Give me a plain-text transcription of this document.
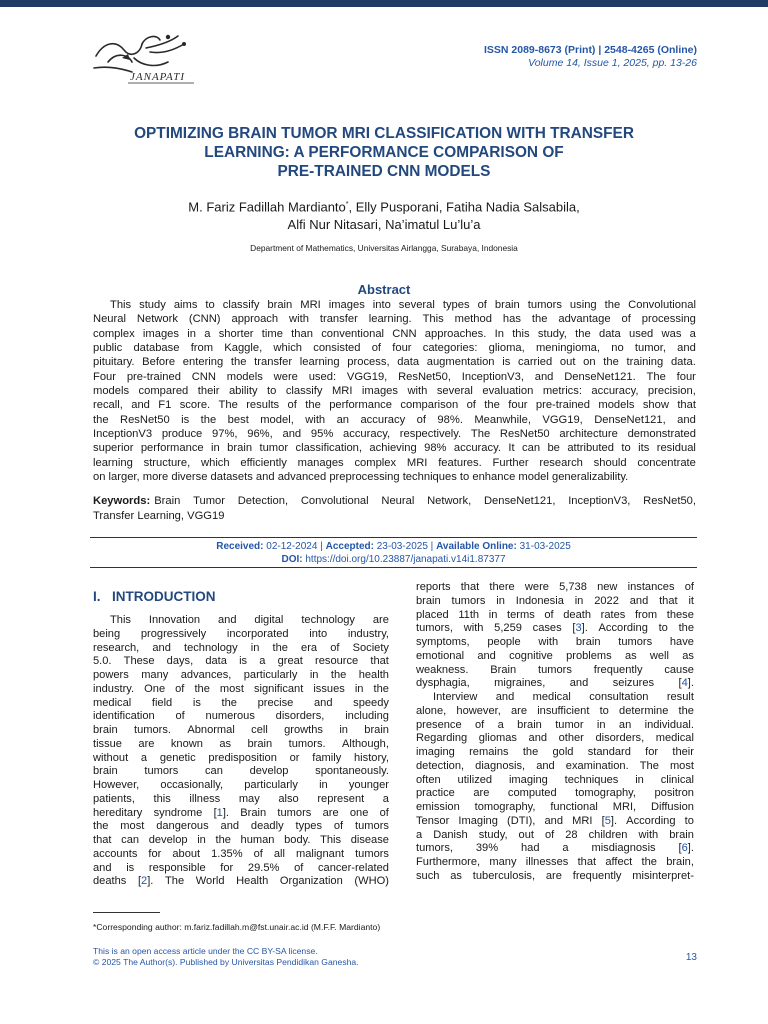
JANAPATI
ISSN 2089-8673 (Print) | 2548-4265 (Online)
Volume 14, Issue 1, 2025, pp. 13-26
OPTIMIZING BRAIN TUMOR MRI CLASSIFICATION WITH TRANSFER
LEARNING: A PERFORMANCE COMPARISON OF
PRE-TRAINED CNN MODELS
M. Fariz Fadillah Mardianto*, Elly Pusporani, Fatiha Nadia Salsabila,
Alfi Nur Nitasari, Na’imatul Lu’lu’a
Department of Mathematics, Universitas Airlangga, Surabaya, Indonesia
Abstract
This study aims to classify brain MRI images into several types of brain tumors using the Convolutional
Neural Network (CNN) approach with transfer learning. This method has the advantage of processing
complex images in a shorter time than conventional CNN approaches. In this study, the data used was a
public database from Kaggle, which consisted of four categories: glioma, meningioma, no tumor, and
pituitary. Before entering the transfer learning process, data augmentation is carried out on the training data.
Four pre-trained CNN models were used: VGG19, ResNet50, InceptionV3, and DenseNet121. The four
models compared their ability to classify MRI images with several evaluation metrics: accuracy, precision,
recall, and F1 score. The results of the performance comparison of the four pre-trained models show that
the ResNet50 is the best model, with an accuracy of 98%. Meanwhile, VGG19, DenseNet121, and
InceptionV3 produce 97%, 96%, and 95% accuracy, respectively. The ResNet50 architecture demonstrated
superior performance in brain tumor classification, achieving 98% accuracy. It can be attributed to its residual
learning structure, which efficiently manages complex MRI features. Further research should concentrate
on larger, more diverse datasets and advanced preprocessing techniques to enhance model generalizability.
Keywords: Brain Tumor Detection, Convolutional Neural Network, DenseNet121, InceptionV3, ResNet50,
Transfer Learning, VGG19
Received: 02-12-2024 | Accepted: 23-03-2025 | Available Online: 31-03-2025
DOI: https://doi.org/10.23887/janapati.v14i1.87377
I. INTRODUCTION
This Innovation and digital technology are
being progressively incorporated into industry,
research, and technology in the era of Society
5.0. These days, data is a great resource that
powers many advances, particularly in the health
industry. One of the most significant issues in the
medical field is the precise and speedy
identification of numerous disorders, including
brain tumors. Abnormal cell growths in brain
tissue are known as brain tumors. Although,
without a genetic predisposition or family history,
brain tumors can develop spontaneously.
However, occasionally, particularly in younger
patients, this illness may also represent a
hereditary syndrome [1]. Brain tumors are one of
the most dangerous and deadly types of tumors
that can develop in the human body. This disease
accounts for about 1.35% of all malignant tumors
and is responsible for 29.5% of cancer-related
deaths [2]. The World Health Organization (WHO)
reports that there were 5,738 new instances of
brain tumors in Indonesia in 2022 and that it
placed 11th in terms of death rates from these
tumors, with 5,259 cases [3]. According to the
symptoms, people with brain tumors have
emotional and cognitive problems as well as
weakness. Brain tumors frequently cause
dysphagia, migraines, and seizures [4].
Interview and medical consultation result
alone, however, are insufficient to determine the
presence of a brain tumor in an individual.
Regarding gliomas and other disorders, medical
imaging remains the gold standard for their
detection, diagnosis, and examination. The most
often utilized imaging techniques in clinical
practice are computed tomography, positron
emission tomography, functional MRI, Diffusion
Tensor Imaging (DTI), and MRI [5]. According to
a Danish study, out of 28 children with brain
tumors, 39% had a misdiagnosis [6].
Furthermore, many illnesses that affect the brain,
such as tuberculosis, are frequently misinterpret-
*Corresponding author: m.fariz.fadillah.m@fst.unair.ac.id (M.F.F. Mardianto)
This is an open access article under the CC BY-SA license.
© 2025 The Author(s). Published by Universitas Pendidikan Ganesha.	13
